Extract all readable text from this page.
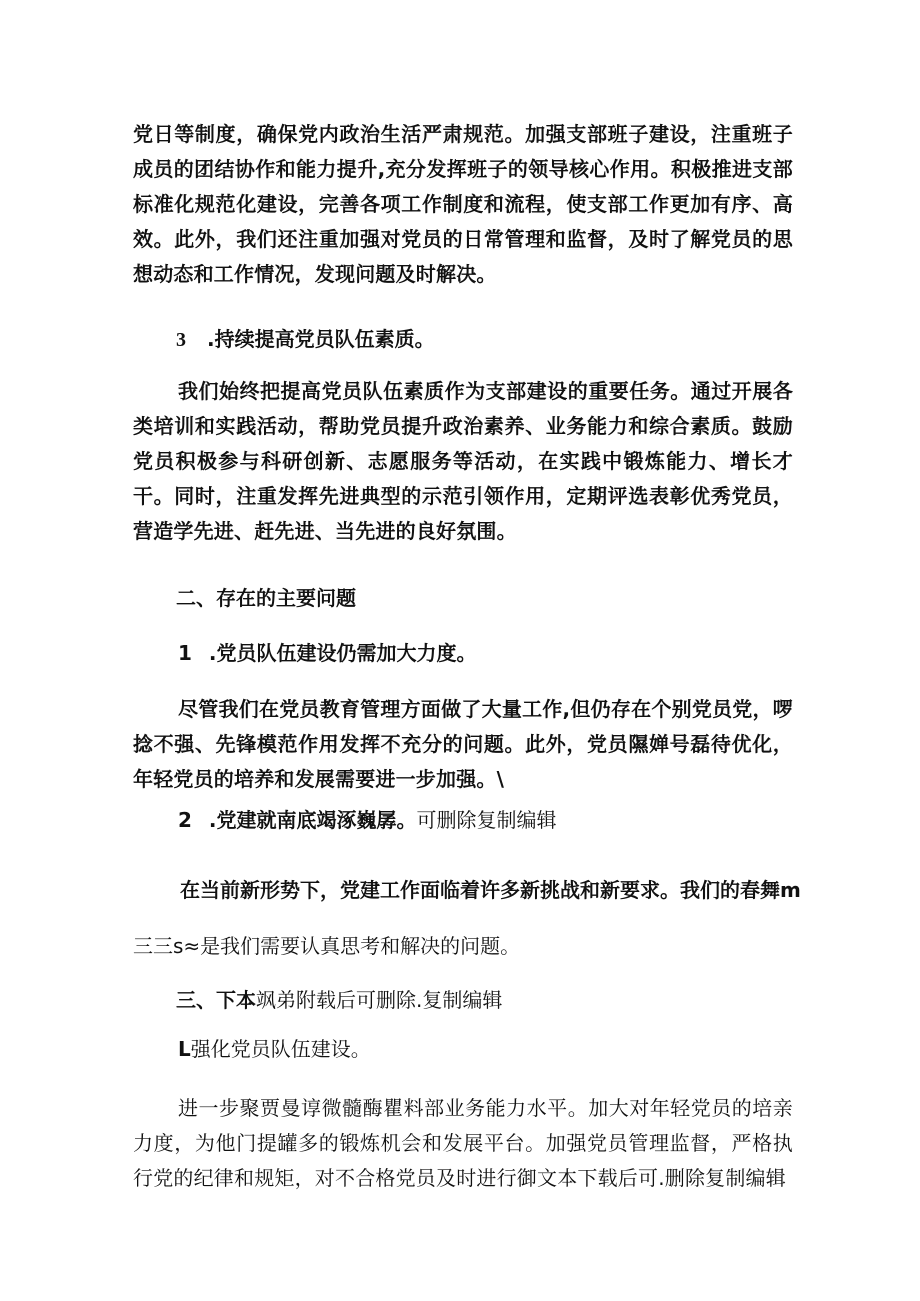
党日等制度，确保党内政治生活严肃规范。加强支部班子建设，注重班子成员的团结协作和能力提升,充分发挥班子的领导核心作用。积极推进支部标准化规范化建设，完善各项工作制度和流程，使支部工作更加有序、高效。此外，我们还注重加强对党员的日常管理和监督，及时了解党员的思想动态和工作情况，发现问题及时解决。
3 .持续提高党员队伍素质。
我们始终把提高党员队伍素质作为支部建设的重要任务。通过开展各类培训和实践活动，帮助党员提升政治素养、业务能力和综合素质。鼓励党员积极参与科研创新、志愿服务等活动，在实践中锻炼能力、增长才干。同时，注重发挥先进典型的示范引领作用，定期评选表彰优秀党员，营造学先进、赶先进、当先进的良好氛围。
二、存在的主要问题
1 .党员队伍建设仍需加大力度。
尽管我们在党员教育管理方面做了大量工作,但仍存在个别党员党，啰捻不强、先锋模范作用发挥不充分的问题。此外，党员隰婵号磊待优化，年轻党员的培养和发展需要进一步加强。\
2 .党建就南底竭涿巍孱。可删除复制编辑
在当前新形势下，党建工作面临着许多新挑战和新要求。我们的春舞m
三三s≈是我们需要认真思考和解决的问题。
三、下本飒弟附载后可删除.复制编辑
L强化党员队伍建设。
进一步聚贾曼谆微髓酶瞿料部业务能力水平。加大对年轻党员的培亲力度，为他门提罐多的锻炼机会和发展平台。加强党员管理监督，严格执行党的纪律和规矩，对不合格党员及时进行御文本下载后可.删除复制编辑
